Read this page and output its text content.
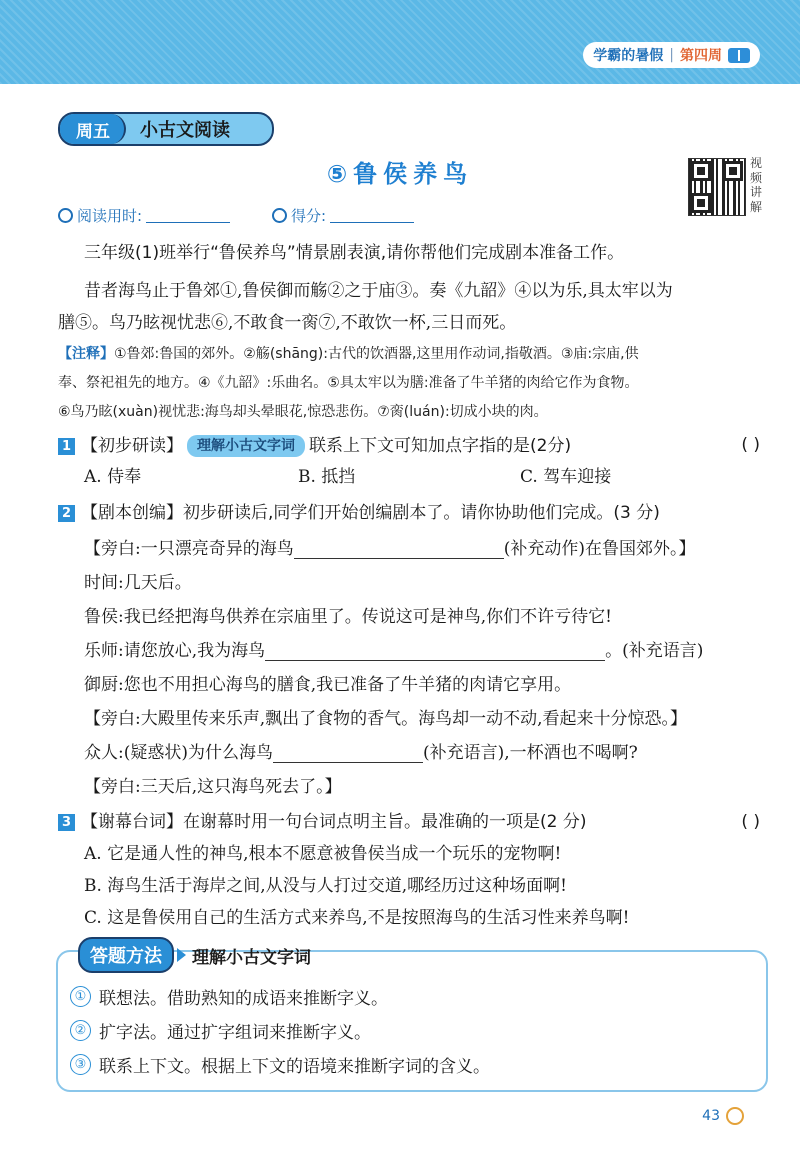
学霸的暑假 | 第四周
周五	小古文阅读
⑤鲁侯养鸟	视
频
讲
解
阅读用时:	得分:
三年级(1)班举行“鲁侯养鸟”情景剧表演,请你帮他们完成剧本准备工作。
昔者海鸟止于鲁郊①,鲁侯御而觞②之于庙③。奏《九韶》④以为乐,具太牢以为
膳⑤。鸟乃眩视忧悲⑥,不敢食一脔⑦,不敢饮一杯,三日而死。
【注释】①鲁郊:鲁国的郊外。②觞(shāng):古代的饮酒器,这里用作动词,指敬酒。③庙:宗庙,供
奉、祭祀祖先的地方。④《九韶》:乐曲名。⑤具太牢以为膳:准备了牛羊猪的肉给它作为食物。
⑥鸟乃眩(xuàn)视忧悲:海鸟却头晕眼花,惊恐悲伤。⑦脔(luán):切成小块的肉。
1 【初步研读】	理解小古文字词 联系上下文可知加点字指的是(2分)	( )
A. 侍奉	B. 抵挡	C. 驾车迎接
2 【剧本创编】初步研读后,同学们开始创编剧本了。请你协助他们完成。(3 分)
【旁白:一只漂亮奇异的海鸟	(补充动作)在鲁国郊外。】
时间:几天后。
鲁侯:我已经把海鸟供养在宗庙里了。传说这可是神鸟,你们不许亏待它!
乐师:请您放心,我为海鸟	。(补充语言)
御厨:您也不用担心海鸟的膳食,我已准备了牛羊猪的肉请它享用。
【旁白:大殿里传来乐声,飘出了食物的香气。海鸟却一动不动,看起来十分惊恐。】
众人:(疑惑状)为什么海鸟	(补充语言),一杯酒也不喝啊?
【旁白:三天后,这只海鸟死去了。】
3 【谢幕台词】在谢幕时用一句台词点明主旨。最准确的一项是(2 分)	( )
A. 它是通人性的神鸟,根本不愿意被鲁侯当成一个玩乐的宠物啊!
B. 海鸟生活于海岸之间,从没与人打过交道,哪经历过这种场面啊!
C. 这是鲁侯用自己的生活方式来养鸟,不是按照海鸟的生活习性来养鸟啊!
答题方法	理解小古文字词
① 联想法。借助熟知的成语来推断字义。
② 扩字法。通过扩字组词来推断字义。
③ 联系上下文。根据上下文的语境来推断字词的含义。
43
